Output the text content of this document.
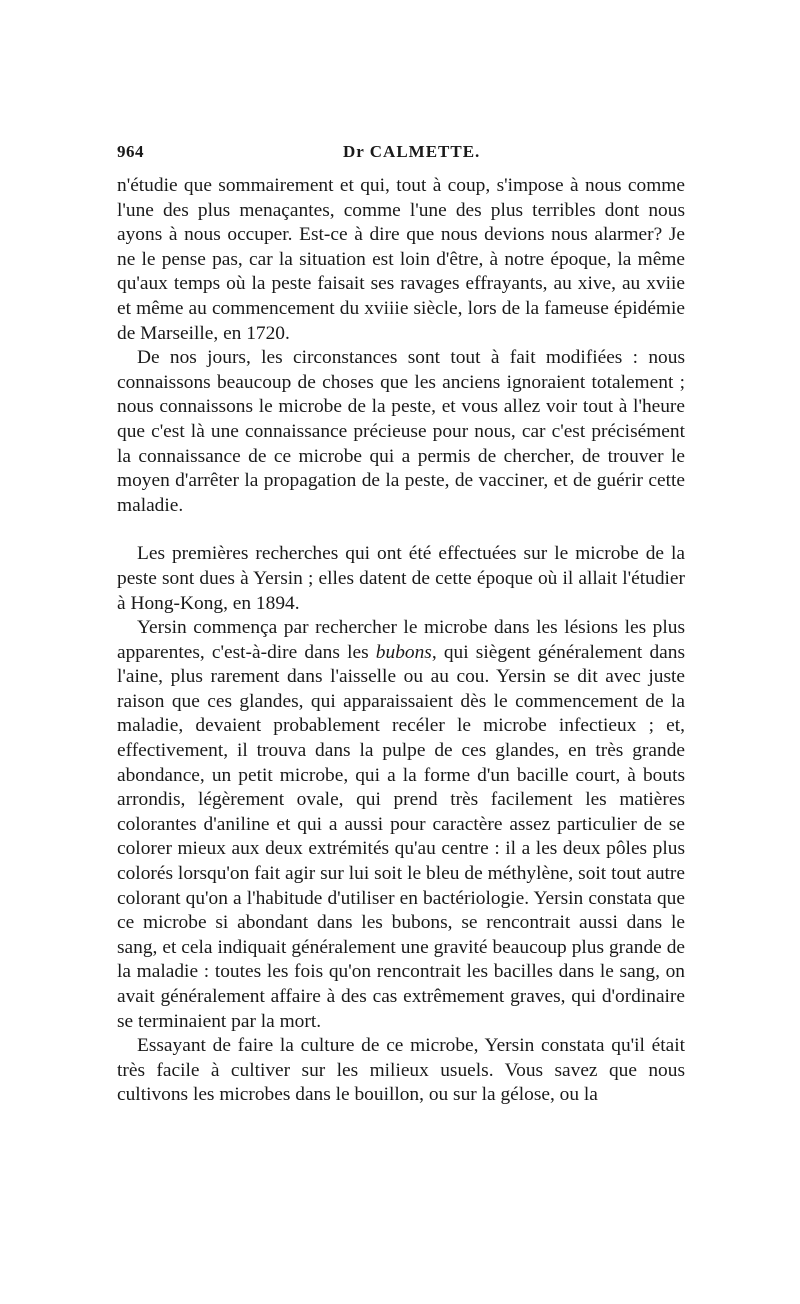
964	Dr CALMETTE.

n'étudie que sommairement et qui, tout à coup, s'impose à nous comme l'une des plus menaçantes, comme l'une des plus terribles dont nous ayons à nous occuper. Est-ce à dire que nous devions nous alarmer? Je ne le pense pas, car la situation est loin d'être, à notre époque, la même qu'aux temps où la peste faisait ses ravages effrayants, au xive, au xviie et même au commencement du xviiie siècle, lors de la fameuse épidémie de Marseille, en 1720.

De nos jours, les circonstances sont tout à fait modifiées : nous connaissons beaucoup de choses que les anciens ignoraient totalement ; nous connaissons le microbe de la peste, et vous allez voir tout à l'heure que c'est là une connaissance précieuse pour nous, car c'est précisément la connaissance de ce microbe qui a permis de chercher, de trouver le moyen d'arrêter la propagation de la peste, de vacciner, et de guérir cette maladie.

Les premières recherches qui ont été effectuées sur le microbe de la peste sont dues à Yersin ; elles datent de cette époque où il allait l'étudier à Hong-Kong, en 1894.

Yersin commença par rechercher le microbe dans les lésions les plus apparentes, c'est-à-dire dans les bubons, qui siègent généralement dans l'aine, plus rarement dans l'aisselle ou au cou. Yersin se dit avec juste raison que ces glandes, qui apparaissaient dès le commencement de la maladie, devaient probablement recéler le microbe infectieux ; et, effectivement, il trouva dans la pulpe de ces glandes, en très grande abondance, un petit microbe, qui a la forme d'un bacille court, à bouts arrondis, légèrement ovale, qui prend très facilement les matières colorantes d'aniline et qui a aussi pour caractère assez particulier de se colorer mieux aux deux extrémités qu'au centre : il a les deux pôles plus colorés lorsqu'on fait agir sur lui soit le bleu de méthylène, soit tout autre colorant qu'on a l'habitude d'utiliser en bactériologie. Yersin constata que ce microbe si abondant dans les bubons, se rencontrait aussi dans le sang, et cela indiquait généralement une gravité beaucoup plus grande de la maladie : toutes les fois qu'on rencontrait les bacilles dans le sang, on avait généralement affaire à des cas extrêmement graves, qui d'ordinaire se terminaient par la mort.

Essayant de faire la culture de ce microbe, Yersin constata qu'il était très facile à cultiver sur les milieux usuels. Vous savez que nous cultivons les microbes dans le bouillon, ou sur la gélose, ou la
